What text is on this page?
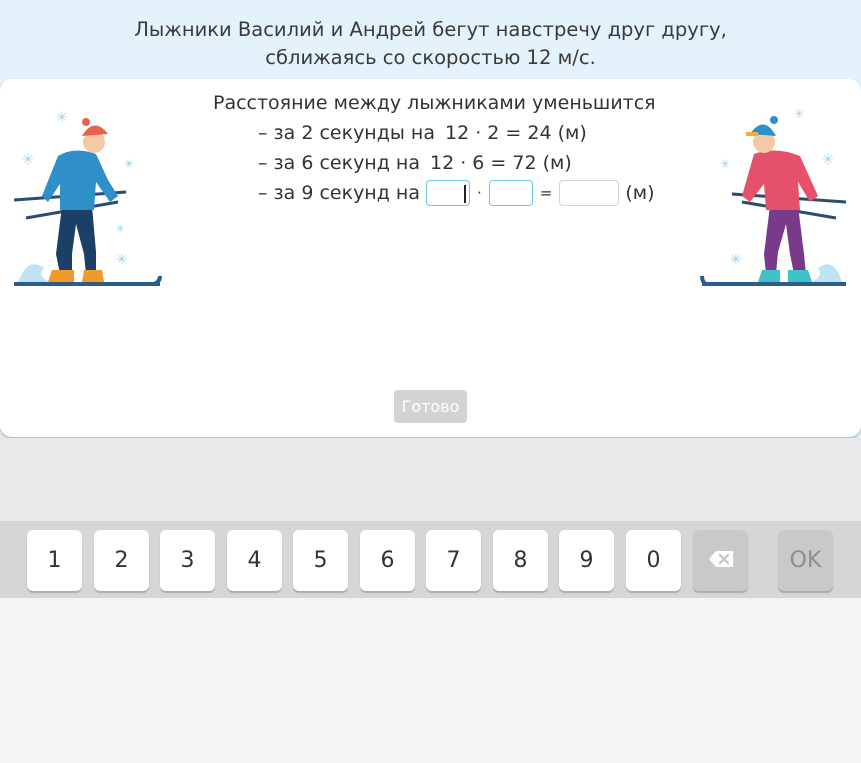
Лыжники Василий и Андрей бегут навстречу друг другу,
сближаясь со скоростью 12 м/с.
✳
✳	✳
✳
✳
✳
✳
✳
✳
Расстояние между лыжниками уменьшится
– за 2 секунды на 12 · 2 = 24 (м)
– за 6 секунд на 12 · 6 = 72 (м)
– за 9 секунд на	·	=	(м)
Готово
1	2	3	4	5	6	7	8	9	0	OK
